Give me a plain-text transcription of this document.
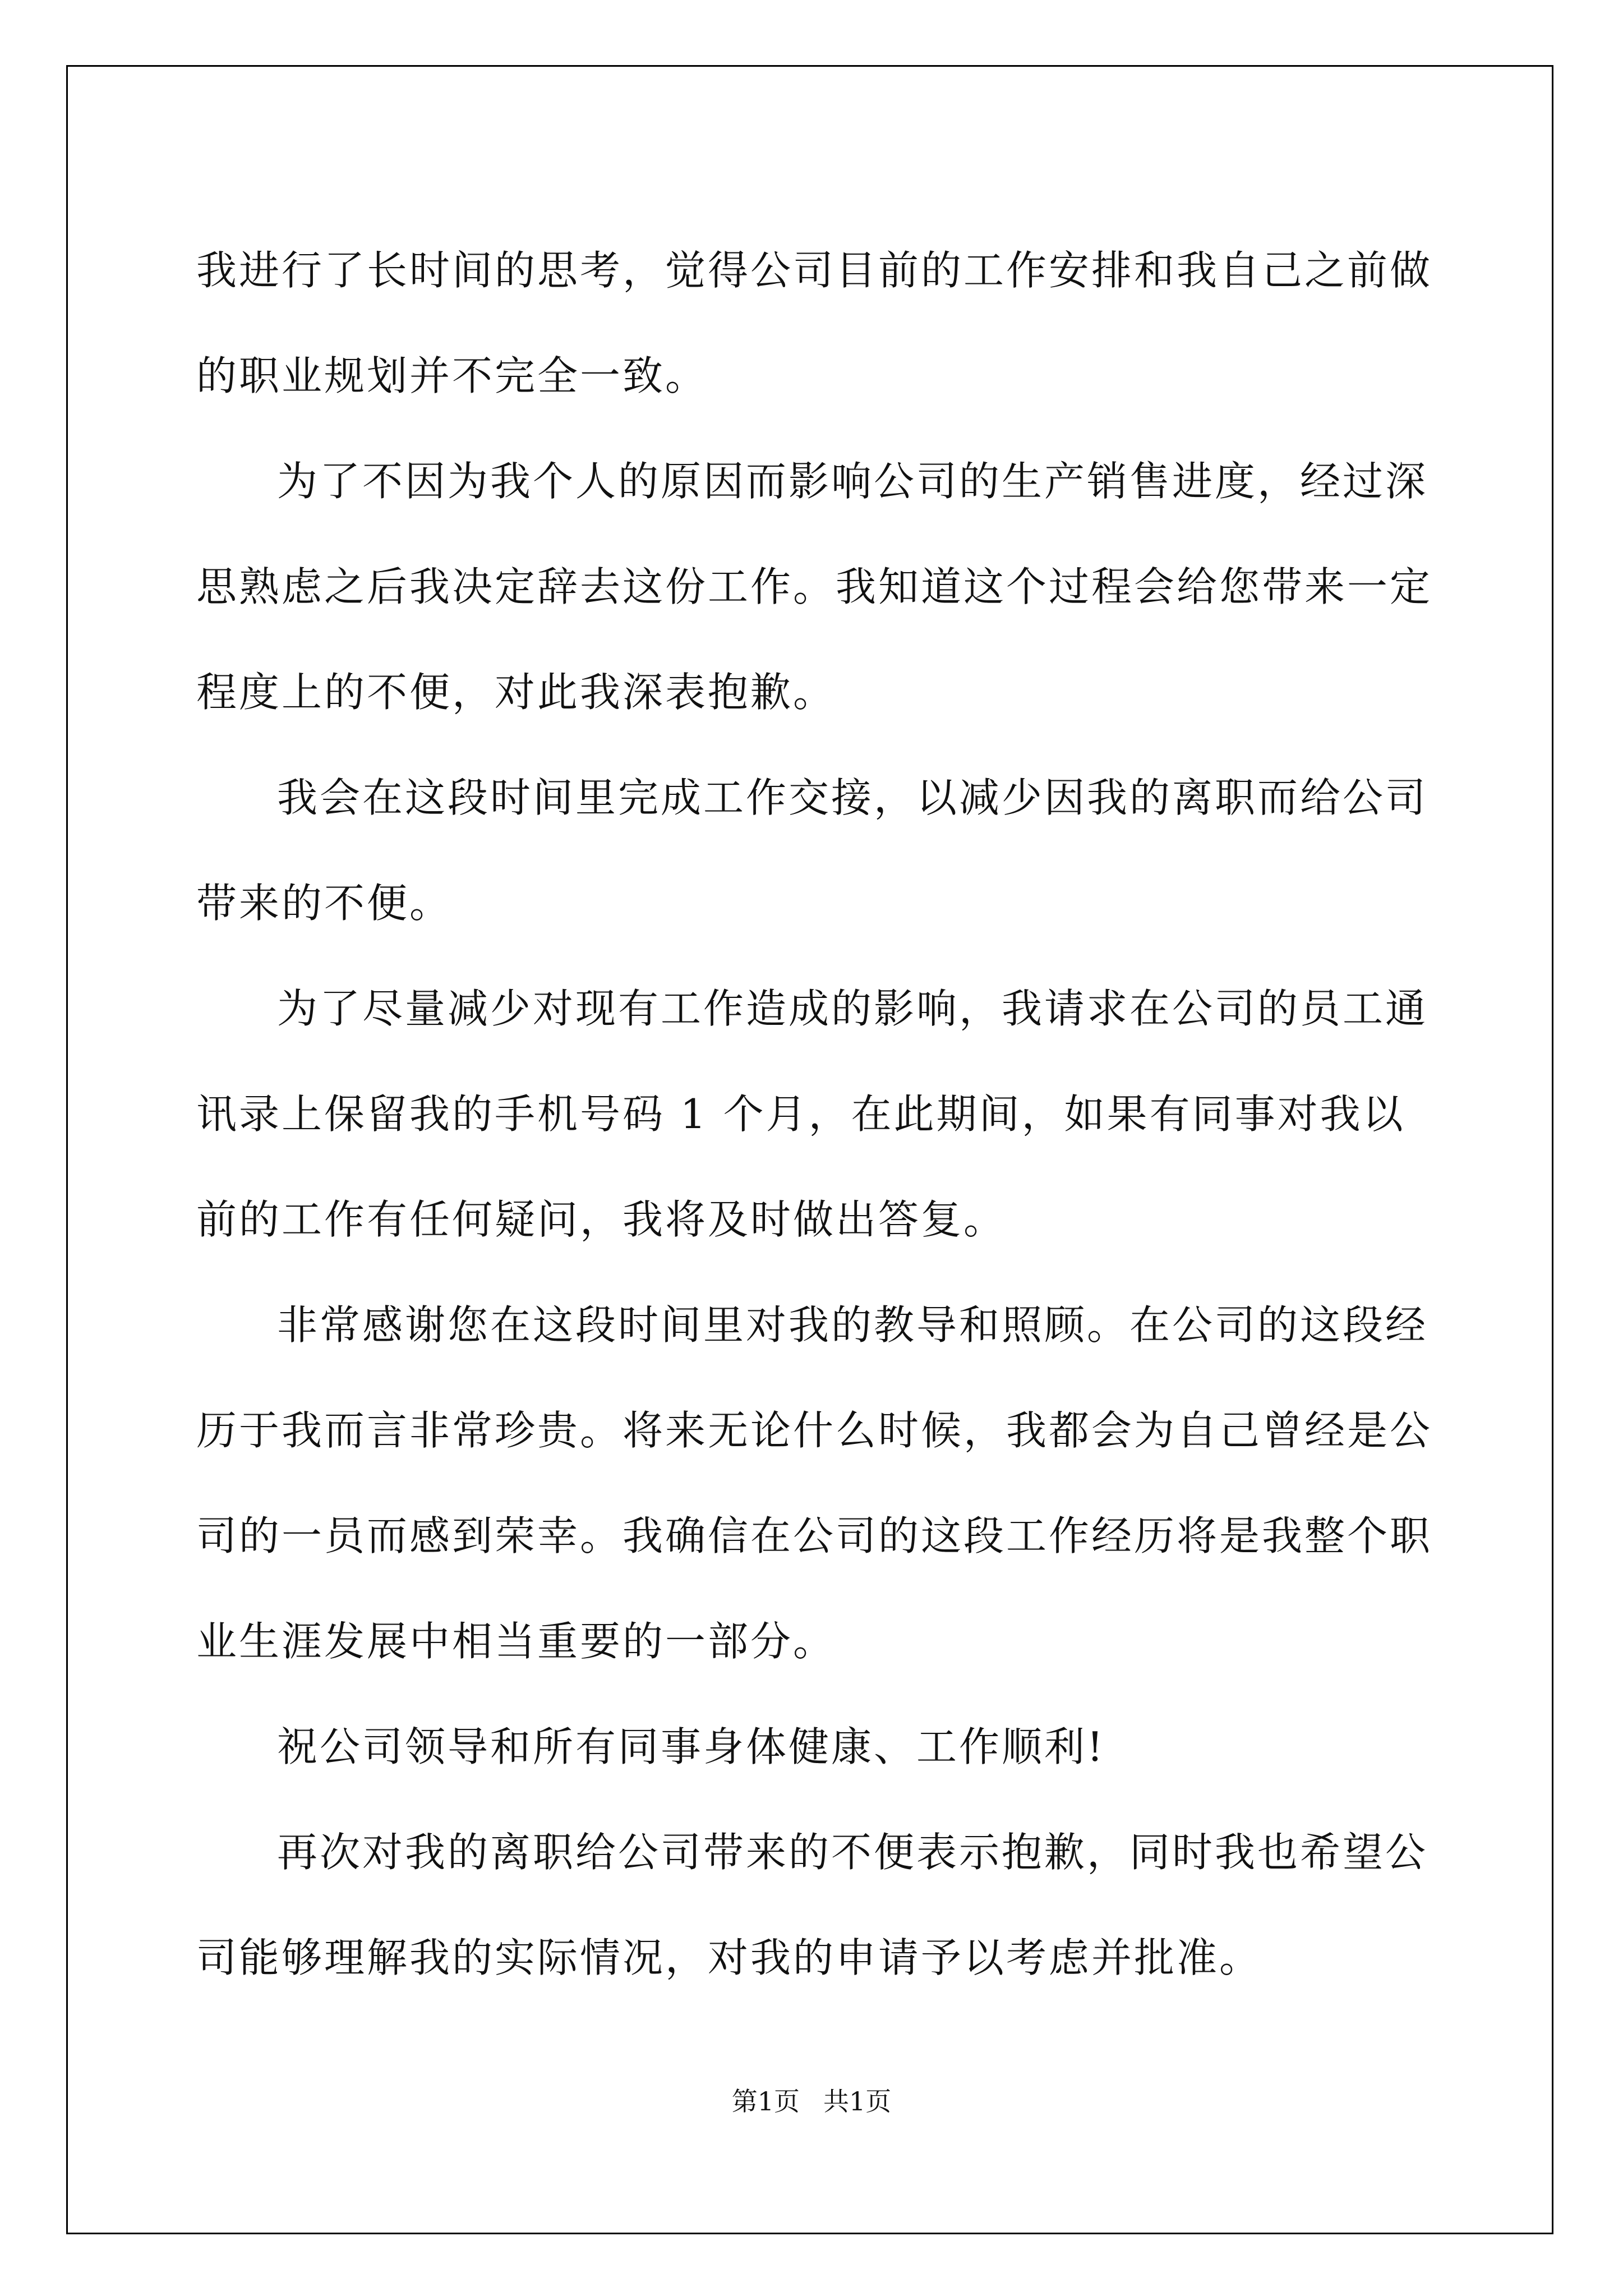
我进行了长时间的思考，觉得公司目前的工作安排和我自己之前做的职业规划并不完全一致。

为了不因为我个人的原因而影响公司的生产销售进度，经过深思熟虑之后我决定辞去这份工作。我知道这个过程会给您带来一定程度上的不便，对此我深表抱歉。

我会在这段时间里完成工作交接，以减少因我的离职而给公司带来的不便。

为了尽量减少对现有工作造成的影响，我请求在公司的员工通讯录上保留我的手机号码 1 个月，在此期间，如果有同事对我以前的工作有任何疑问，我将及时做出答复。

非常感谢您在这段时间里对我的教导和照顾。在公司的这段经历于我而言非常珍贵。将来无论什么时候，我都会为自己曾经是公司的一员而感到荣幸。我确信在公司的这段工作经历将是我整个职业生涯发展中相当重要的一部分。

祝公司领导和所有同事身体健康、工作顺利!

再次对我的离职给公司带来的不便表示抱歉，同时我也希望公司能够理解我的实际情况，对我的申请予以考虑并批准。

第1页 共1页
